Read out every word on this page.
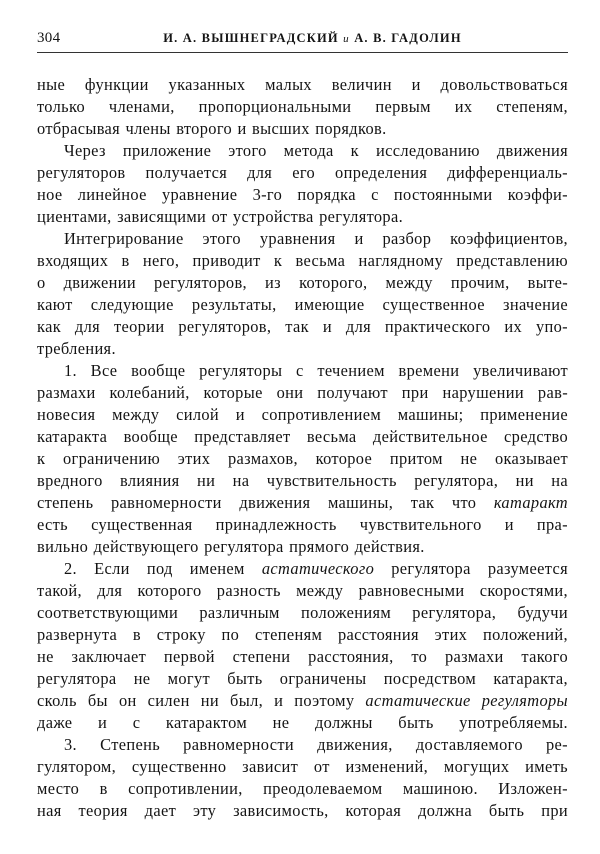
304	И. А. ВЫШНЕГРАДСКИЙ и А. В. ГАДОЛИН
ные функции указанных малых величин и довольствоваться
только членами, пропорциональными первым их степеням,
отбрасывая члены второго и высших порядков.
Через приложение этого метода к исследованию движения
регуляторов получается для его определения дифференциаль-
ное линейное уравнение 3-го порядка с постоянными коэффи-
циентами, зависящими от устройства регулятора.
Интегрирование этого уравнения и разбор коэффициентов,
входящих в него, приводит к весьма наглядному представлению
о движении регуляторов, из которого, между прочим, выте-
кают следующие результаты, имеющие существенное значение
как для теории регуляторов, так и для практического их упо-
требления.
1. Все вообще регуляторы с течением времени увеличивают
размахи колебаний, которые они получают при нарушении рав-
новесия между силой и сопротивлением машины; применение
катаракта вообще представляет весьма действительное средство
к ограничению этих размахов, которое притом не оказывает
вредного влияния ни на чувствительность регулятора, ни на
степень равномерности движения машины, так что катаракт
есть существенная принадлежность чувствительного и пра-
вильно действующего регулятора прямого действия.
2. Если под именем астатического регулятора разумеется
такой, для которого разность между равновесными скоростями,
соответствующими различным положениям регулятора, будучи
развернута в строку по степеням расстояния этих положений,
не заключает первой степени расстояния, то размахи такого
регулятора не могут быть ограничены посредством катаракта,
сколь бы он силен ни был, и поэтому астатические регуляторы
даже и с катарактом не должны быть употребляемы.
3. Степень равномерности движения, доставляемого ре-
гулятором, существенно зависит от изменений, могущих иметь
место в сопротивлении, преодолеваемом машиною. Изложен-
ная теория дает эту зависимость, которая должна быть при
